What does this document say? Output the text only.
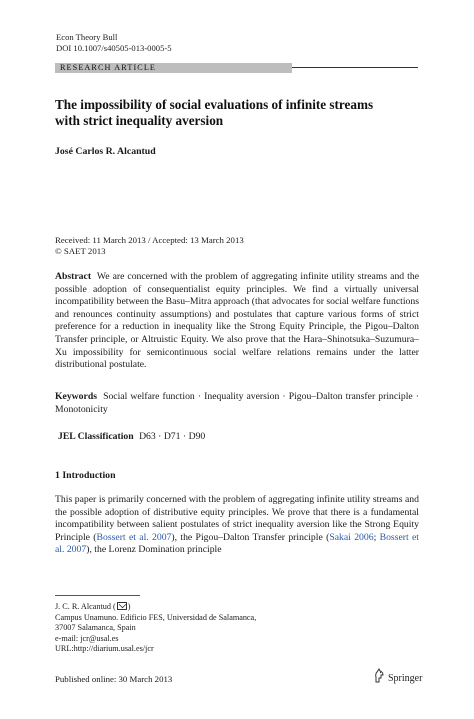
Econ Theory Bull
DOI 10.1007/s40505-013-0005-5
RESEARCH ARTICLE
The impossibility of social evaluations of infinite streams with strict inequality aversion
José Carlos R. Alcantud
Received: 11 March 2013 / Accepted: 13 March 2013
© SAET 2013
Abstract We are concerned with the problem of aggregating infinite utility streams and the possible adoption of consequentialist equity principles. We find a virtually universal incompatibility between the Basu–Mitra approach (that advocates for social welfare functions and renounces continuity assumptions) and postulates that capture various forms of strict preference for a reduction in inequality like the Strong Equity Principle, the Pigou–Dalton Transfer principle, or Altruistic Equity. We also prove that the Hara–Shinotsuka–Suzumura–Xu impossibility for semicontinuous social welfare relations remains under the latter distributional postulate.
Keywords Social welfare function · Inequality aversion · Pigou–Dalton transfer principle · Monotonicity
JEL Classification D63 · D71 · D90
1 Introduction
This paper is primarily concerned with the problem of aggregating infinite utility streams and the possible adoption of distributive equity principles. We prove that there is a fundamental incompatibility between salient postulates of strict inequality aversion like the Strong Equity Principle (Bossert et al. 2007), the Pigou–Dalton Transfer principle (Sakai 2006; Bossert et al. 2007), the Lorenz Domination principle
J. C. R. Alcantud ( )
Campus Unamuno. Edificio FES, Universidad de Salamanca,
37007 Salamanca, Spain
e-mail: jcr@usal.es
URL:http://diarium.usal.es/jcr
Published online: 30 March 2013	Springer
